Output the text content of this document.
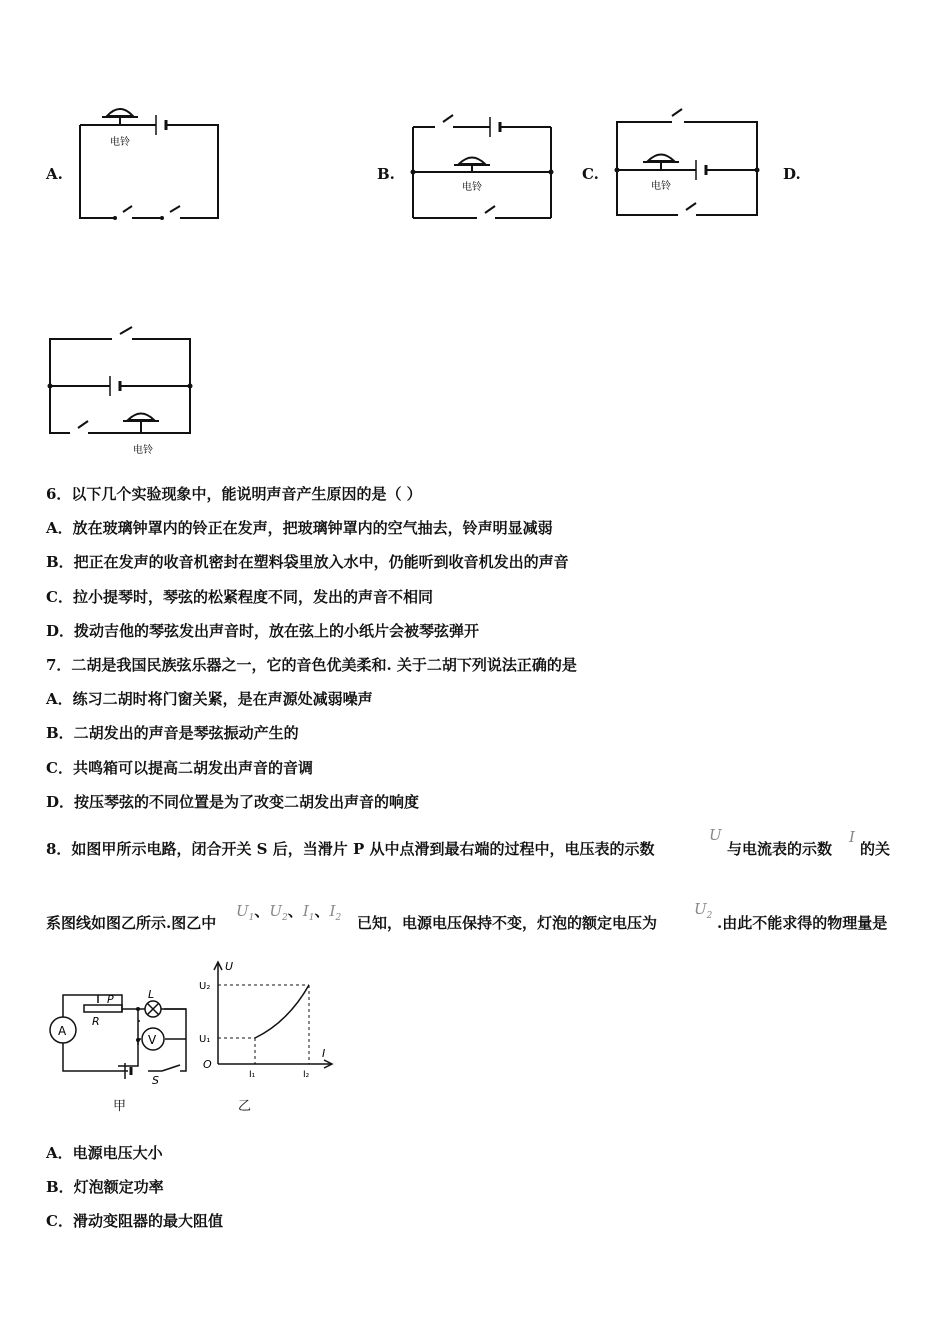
A.	B.	C.	D.
电铃
电铃	电铃
电铃
6．以下几个实验现象中，能说明声音产生原因的是（ ）
A．放在玻璃钟罩内的铃正在发声，把玻璃钟罩内的空气抽去，铃声明显减弱
B．把正在发声的收音机密封在塑料袋里放入水中，仍能听到收音机发出的声音
C．拉小提琴时，琴弦的松紧程度不同，发出的声音不相同
D．拨动吉他的琴弦发出声音时，放在弦上的小纸片会被琴弦弹开
7．二胡是我国民族弦乐器之一，它的音色优美柔和. 关于二胡下列说法正确的是
A．练习二胡时将门窗关紧，是在声源处减弱噪声
B．二胡发出的声音是琴弦振动产生的
C．共鸣箱可以提高二胡发出声音的音调
D．按压琴弦的不同位置是为了改变二胡发出声音的响度
8．如图甲所示电路，闭合开关 S 后，当滑片 P 从中点滑到最右端的过程中，电压表的示数
U
与电流表的示数
I
的关
系图线如图乙所示.图乙中
$U_1$、$U_2$、$I_1$、$I_2$ 已知，电源电压保持不变，灯泡的额定电压为
$U_2$ .由此不能求得的物理量是
A
V
P
R
L
S
甲
U
I
O
U₂
U₁
I₁	I₂
乙
A．电源电压大小
B．灯泡额定功率
C．滑动变阻器的最大阻值
